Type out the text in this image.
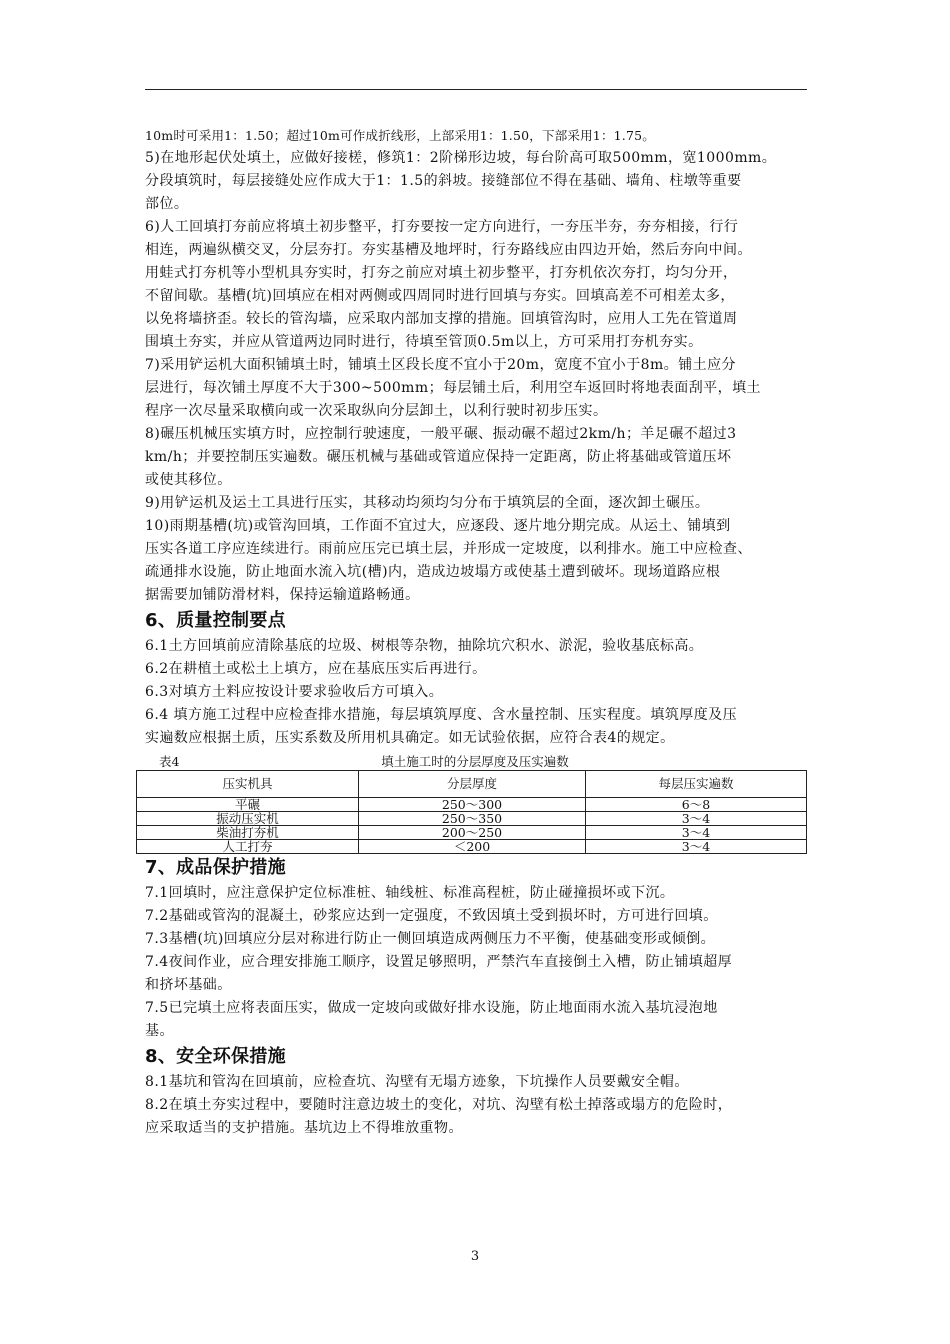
10m时可采用1：1.50；超过10m可作成折线形，上部采用1：1.50，下部采用1：1.75。

5)在地形起伏处填土，应做好接槎，修筑1：2阶梯形边坡，每台阶高可取500mm，宽1000mm。

分段填筑时，每层接缝处应作成大于1：1.5的斜坡。接缝部位不得在基础、墙角、柱墩等重要

部位。

6)人工回填打夯前应将填土初步整平，打夯要按一定方向进行，一夯压半夯，夯夯相接，行行

相连，两遍纵横交叉，分层夯打。夯实基槽及地坪时，行夯路线应由四边开始，然后夯向中间。

用蛙式打夯机等小型机具夯实时，打夯之前应对填土初步整平，打夯机依次夯打，均匀分开，

不留间歇。基槽(坑)回填应在相对两侧或四周同时进行回填与夯实。回填高差不可相差太多，

以免将墙挤歪。较长的管沟墙，应采取内部加支撑的措施。回填管沟时，应用人工先在管道周

围填土夯实，并应从管道两边同时进行，待填至管顶0.5m以上，方可采用打夯机夯实。

7)采用铲运机大面积铺填土时，铺填土区段长度不宜小于20m，宽度不宜小于8m。铺土应分

层进行，每次铺土厚度不大于300~500mm；每层铺土后，利用空车返回时将地表面刮平，填土

程序一次尽量采取横向或一次采取纵向分层卸土，以利行驶时初步压实。

8)碾压机械压实填方时，应控制行驶速度，一般平碾、振动碾不超过2km/h；羊足碾不超过3

km/h；并要控制压实遍数。碾压机械与基础或管道应保持一定距离，防止将基础或管道压坏

或使其移位。

9)用铲运机及运土工具进行压实，其移动均须均匀分布于填筑层的全面，逐次卸土碾压。

10)雨期基槽(坑)或管沟回填，工作面不宜过大，应逐段、逐片地分期完成。从运土、铺填到

压实各道工序应连续进行。雨前应压完已填土层，并形成一定坡度，以利排水。施工中应检查、

疏通排水设施，防止地面水流入坑(槽)内，造成边坡塌方或使基土遭到破坏。现场道路应根

据需要加铺防滑材料，保持运输道路畅通。

6、质量控制要点

6.1土方回填前应清除基底的垃圾、树根等杂物，抽除坑穴积水、淤泥，验收基底标高。

6.2在耕植土或松土上填方，应在基底压实后再进行。

6.3对填方土料应按设计要求验收后方可填入。

6.4 填方施工过程中应检查排水措施，每层填筑厚度、含水量控制、压实程度。填筑厚度及压

实遍数应根据土质，压实系数及所用机具确定。如无试验依据，应符合表4的规定。

表4	填土施工时的分层厚度及压实遍数
压实机具	分层厚度	每层压实遍数
平碾	250～300	6～8
振动压实机	250～350	3～4
柴油打夯机	200～250	3～4
人工打夯	＜200	3～4
7、成品保护措施

7.1回填时，应注意保护定位标准桩、轴线桩、标准高程桩，防止碰撞损坏或下沉。

7.2基础或管沟的混凝土，砂浆应达到一定强度，不致因填土受到损坏时，方可进行回填。

7.3基槽(坑)回填应分层对称进行防止一侧回填造成两侧压力不平衡，使基础变形或倾倒。

7.4夜间作业，应合理安排施工顺序，设置足够照明，严禁汽车直接倒土入槽，防止铺填超厚

和挤坏基础。

7.5已完填土应将表面压实，做成一定坡向或做好排水设施，防止地面雨水流入基坑浸泡地

基。

8、安全环保措施

8.1基坑和管沟在回填前，应检查坑、沟壁有无塌方迹象，下坑操作人员要戴安全帽。

8.2在填土夯实过程中，要随时注意边坡土的变化，对坑、沟壁有松土掉落或塌方的危险时，

应采取适当的支护措施。基坑边上不得堆放重物。

3
